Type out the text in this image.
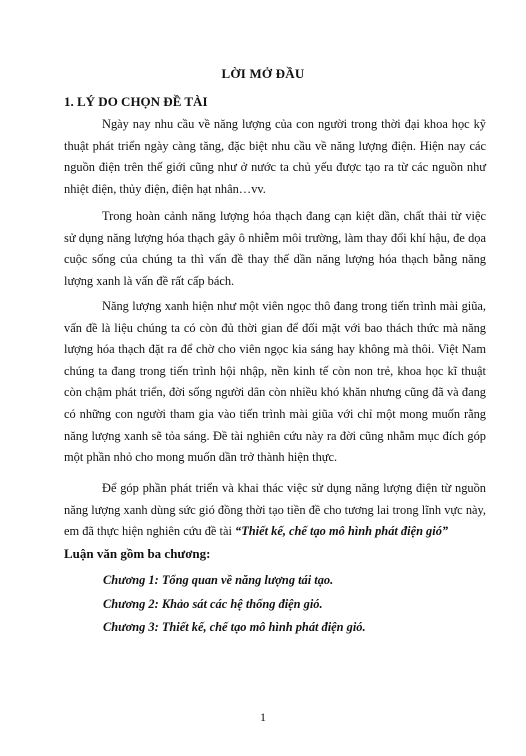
LỜI MỞ ĐẦU
1. LÝ DO CHỌN ĐỀ TÀI

Ngày nay nhu cầu về năng lượng của con người trong thời đại khoa học kỹ thuật phát triển ngày càng tăng, đặc biệt nhu cầu về năng lượng điện. Hiện nay các nguồn điện trên thế giới cũng như ở nước ta chủ yếu được tạo ra từ các nguồn như nhiệt điện, thủy điện, điện hạt nhân…vv.

Trong hoàn cảnh năng lượng hóa thạch đang cạn kiệt dần, chất thải từ việc sử dụng năng lượng hóa thạch gây ô nhiễm môi trường, làm thay đổi khí hậu, đe dọa cuộc sống của chúng ta thì vấn đề thay thế dần năng lượng hóa thạch bằng năng lượng xanh là vấn đề rất cấp bách.

Năng lượng xanh hiện như một viên ngọc thô đang trong tiến trình mài giũa, vấn đề là liệu chúng ta có còn đủ thời gian để đối mặt với bao thách thức mà năng lượng hóa thạch đặt ra để chờ cho viên ngọc kia sáng hay không mà thôi. Việt Nam chúng ta đang trong tiến trình hội nhập, nền kinh tế còn non trẻ, khoa học kĩ thuật còn chậm phát triển, đời sống người dân còn nhiều khó khăn nhưng cũng đã và đang có những con người tham gia vào tiến trình mài giũa với chỉ một mong muốn rằng năng lượng xanh sẽ tỏa sáng. Đề tài nghiên cứu này ra đời cũng nhằm mục đích góp một phần nhỏ cho mong muốn dần trở thành hiện thực.

Để góp phần phát triển và khai thác việc sử dụng năng lượng điện từ nguồn năng lượng xanh dùng sức gió đồng thời tạo tiền đề cho tương lai trong lĩnh vực này, em đã thực hiện nghiên cứu đề tài “Thiết kế, chế tạo mô hình phát điện gió”

Luận văn gồm ba chương:
Chương 1: Tổng quan về năng lượng tái tạo.
Chương 2: Khảo sát các hệ thống điện gió.
Chương 3: Thiết kế, chế tạo mô hình phát điện gió.
1
